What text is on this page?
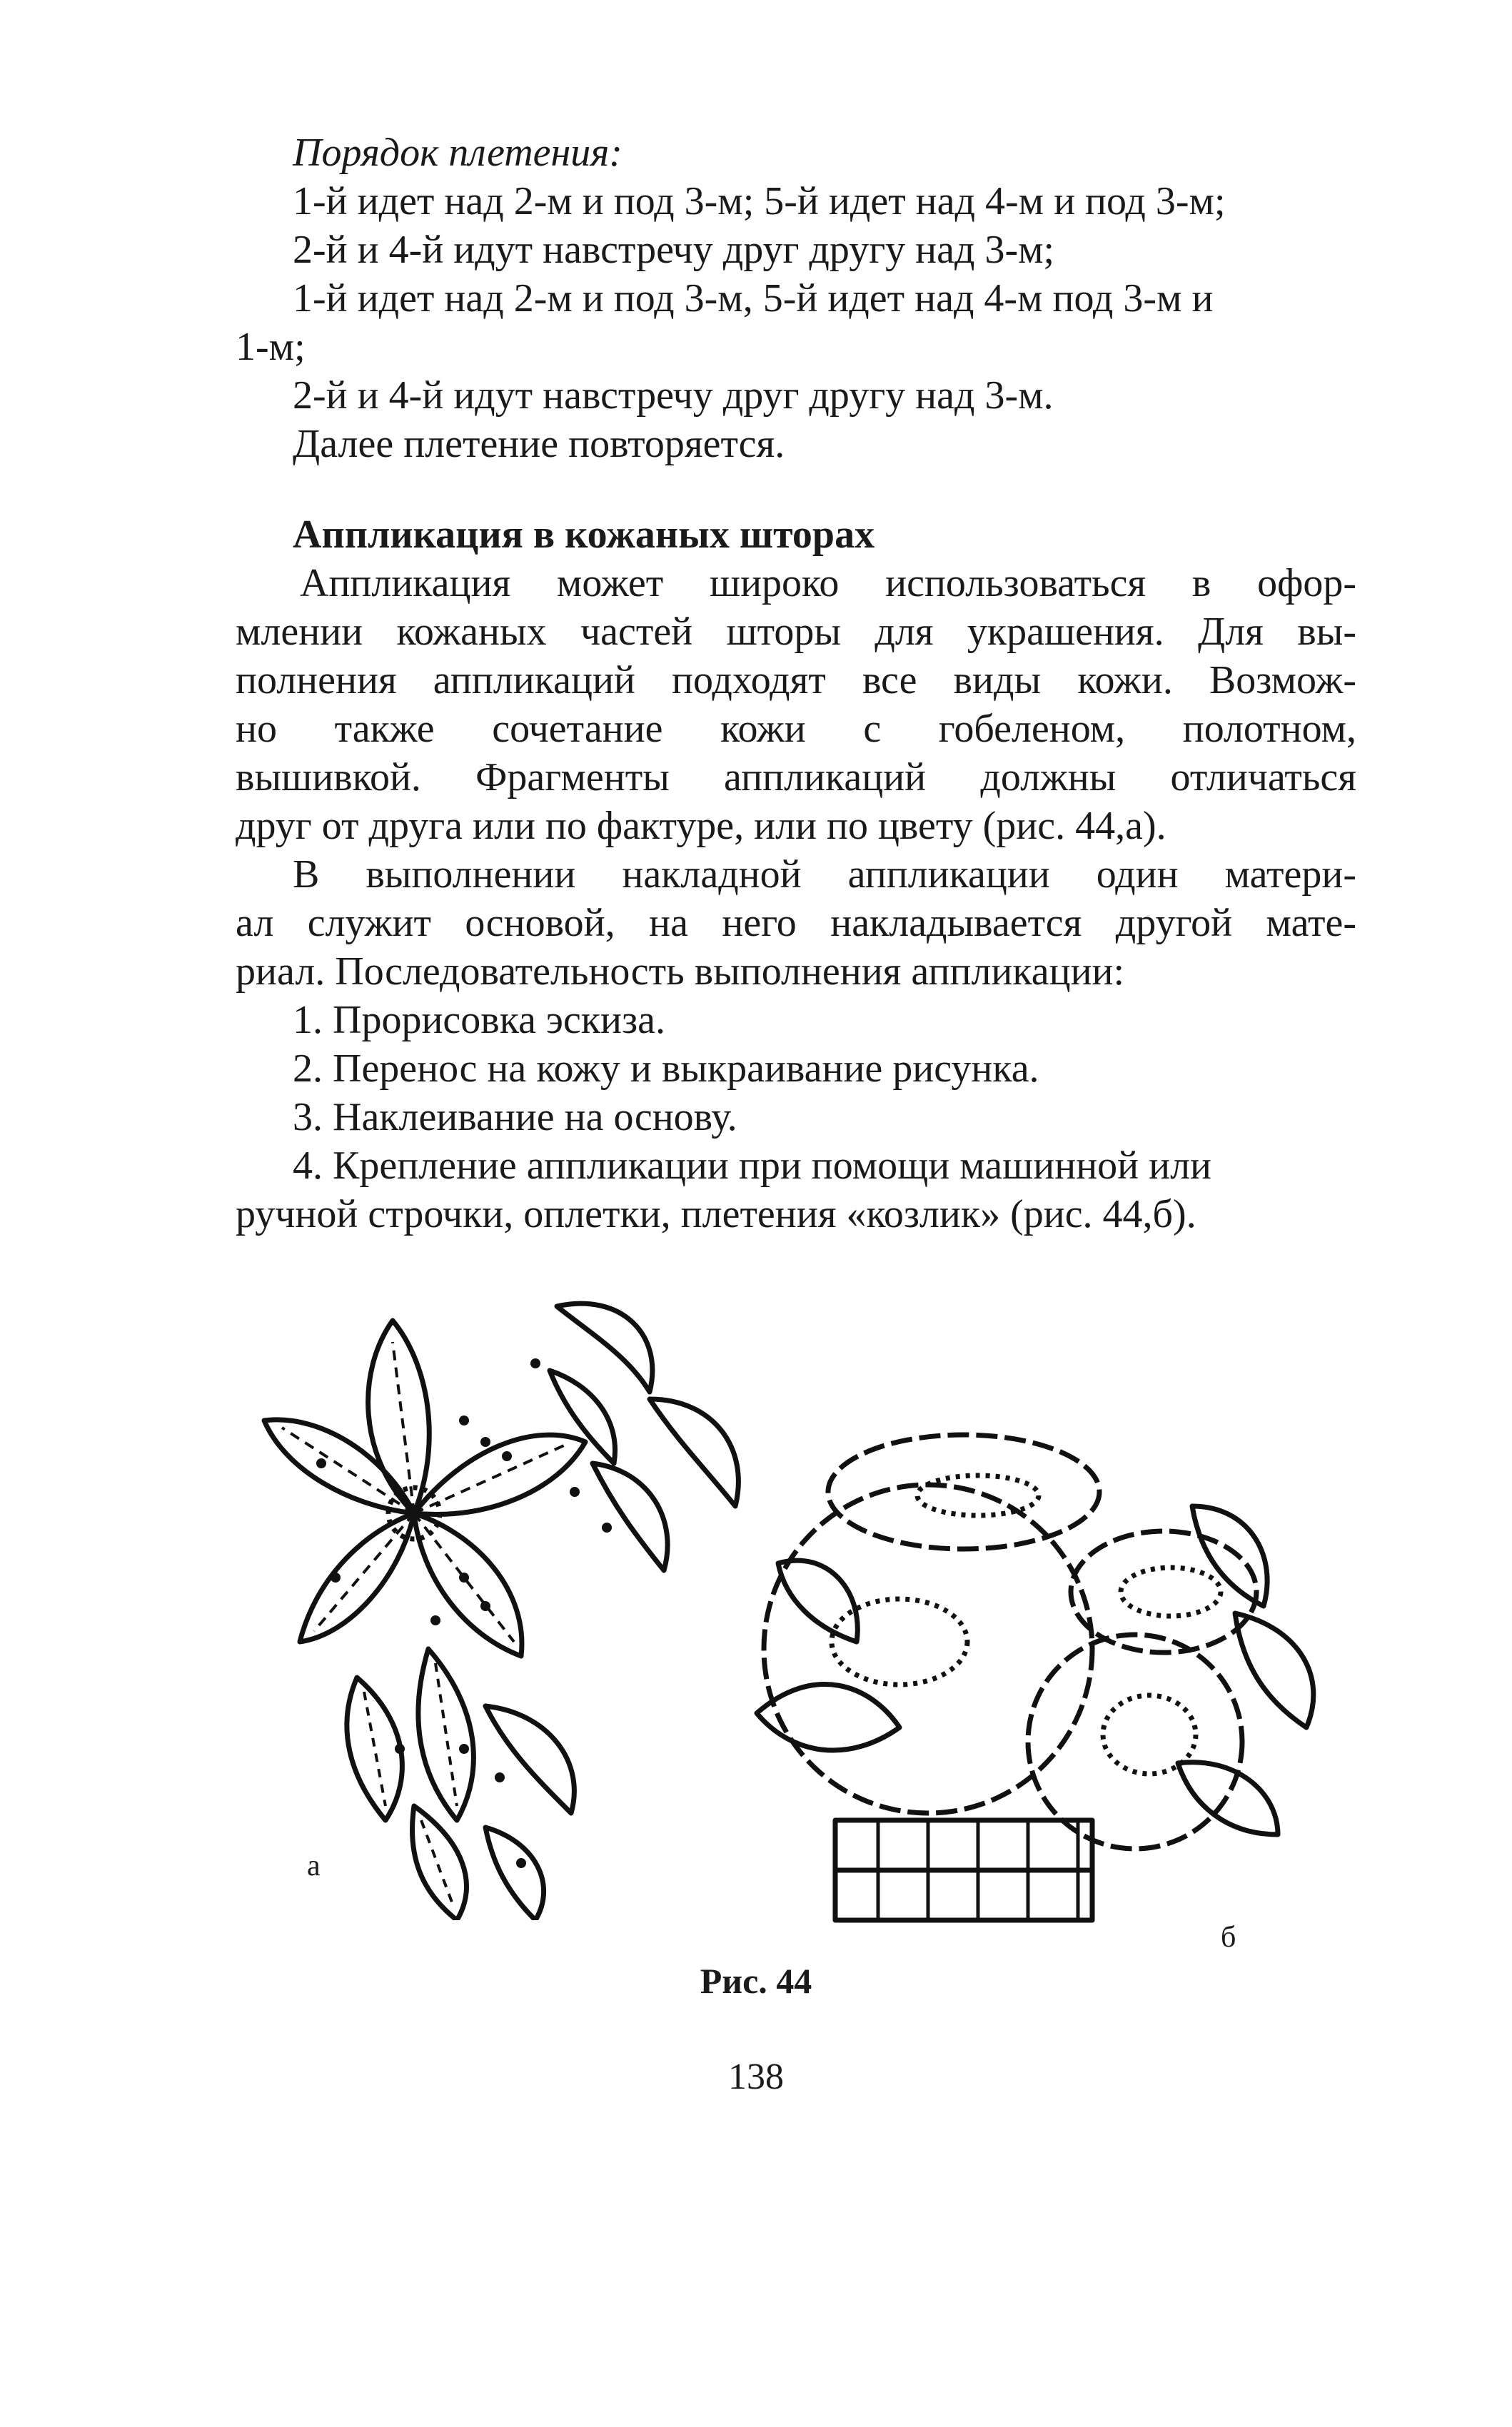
Порядок плетения:
1-й идет над 2-м и под 3-м; 5-й идет над 4-м и под 3-м;
2-й и 4-й идут навстречу друг другу над 3-м;
1-й идет над 2-м и под 3-м, 5-й идет над 4-м под 3-м и
1-м;
2-й и 4-й идут навстречу друг другу над 3-м.
Далее плетение повторяется.
Аппликация в кожаных шторах
Аппликация может широко использоваться в офор-
млении кожаных частей шторы для украшения. Для вы-
полнения аппликаций подходят все виды кожи. Возмож-
но также сочетание кожи с гобеленом, полотном,
вышивкой. Фрагменты аппликаций должны отличаться
друг от друга или по фактуре, или по цвету (рис. 44,а).
В выполнении накладной аппликации один матери-
ал служит основой, на него накладывается другой мате-
риал. Последовательность выполнения аппликации:
1. Прорисовка эскиза.
2. Перенос на кожу и выкраивание рисунка.
3. Наклеивание на основу.
4. Крепление аппликации при помощи машинной или
ручной строчки, оплетки, плетения «козлик» (рис. 44,б).
а
б
Рис. 44
138
